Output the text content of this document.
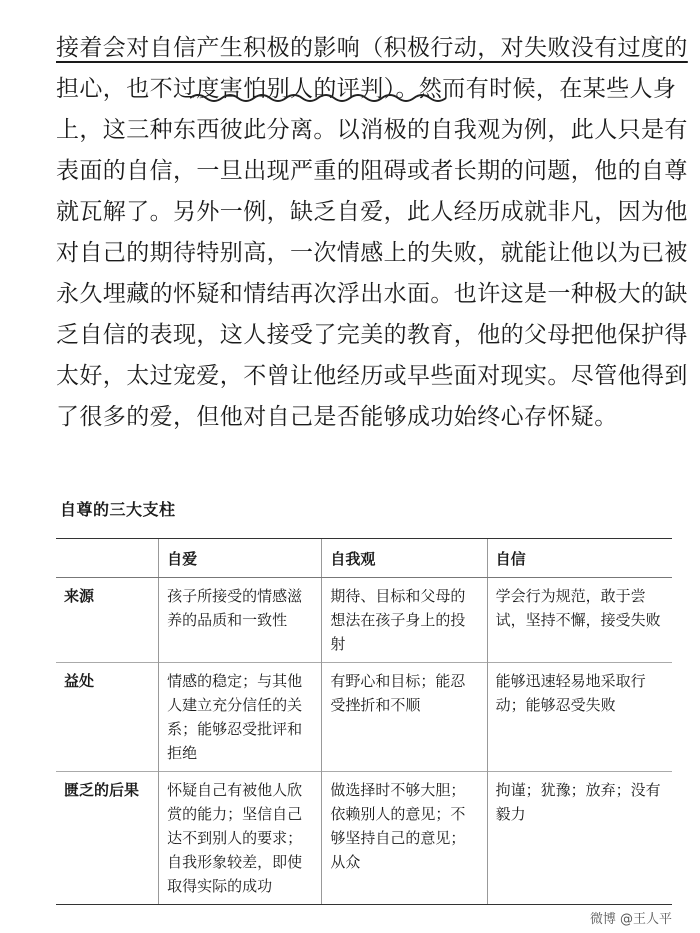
接着会对自信产生积极的影响（积极行动，对失败没有过度的
担心，也不过度害怕别人的评判）。然而有时候，在某些人身
上，这三种东西彼此分离。以消极的自我观为例，此人只是有
表面的自信，一旦出现严重的阻碍或者长期的问题，他的自尊
就瓦解了。另外一例，缺乏自爱，此人经历成就非凡，因为他
对自己的期待特别高，一次情感上的失败，就能让他以为已被
永久埋藏的怀疑和情结再次浮出水面。也许这是一种极大的缺
乏自信的表现，这人接受了完美的教育，他的父母把他保护得
太好，太过宠爱，不曾让他经历或早些面对现实。尽管他得到
了很多的爱，但他对自己是否能够成功始终心存怀疑。
自尊的三大支柱
	自爱	自我观	自信
来源	孩子所接受的情感滋养的品质和一致性	期待、目标和父母的想法在孩子身上的投射	学会行为规范，敢于尝试，坚持不懈，接受失败
益处	情感的稳定；与其他人建立充分信任的关系；能够忍受批评和拒绝	有野心和目标；能忍受挫折和不顺	能够迅速轻易地采取行动；能够忍受失败
匮乏的后果	怀疑自己有被他人欣赏的能力；坚信自己达不到别人的要求；自我形象较差，即使取得实际的成功	做选择时不够大胆；依赖别人的意见；不够坚持自己的意见；从众	拘谨；犹豫；放弃；没有毅力
微博 @王人平
